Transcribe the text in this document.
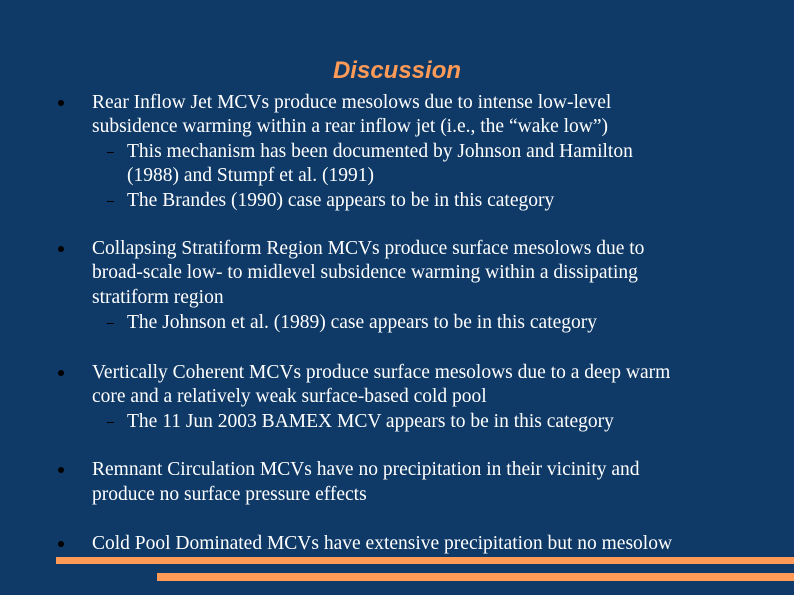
Discussion
Rear Inflow Jet MCVs produce mesolows due to intense low-level
subsidence warming within a rear inflow jet (i.e., the “wake low”)
This mechanism has been documented by Johnson and Hamilton
(1988) and Stumpf et al. (1991)
The Brandes (1990) case appears to be in this category
Collapsing Stratiform Region MCVs produce surface mesolows due to
broad-scale low- to midlevel subsidence warming within a dissipating
stratiform region
The Johnson et al. (1989) case appears to be in this category
Vertically Coherent MCVs produce surface mesolows due to a deep warm
core and a relatively weak surface-based cold pool
The 11 Jun 2003 BAMEX MCV appears to be in this category
Remnant Circulation MCVs have no precipitation in their vicinity and
produce no surface pressure effects
Cold Pool Dominated MCVs have extensive precipitation but no mesolow
